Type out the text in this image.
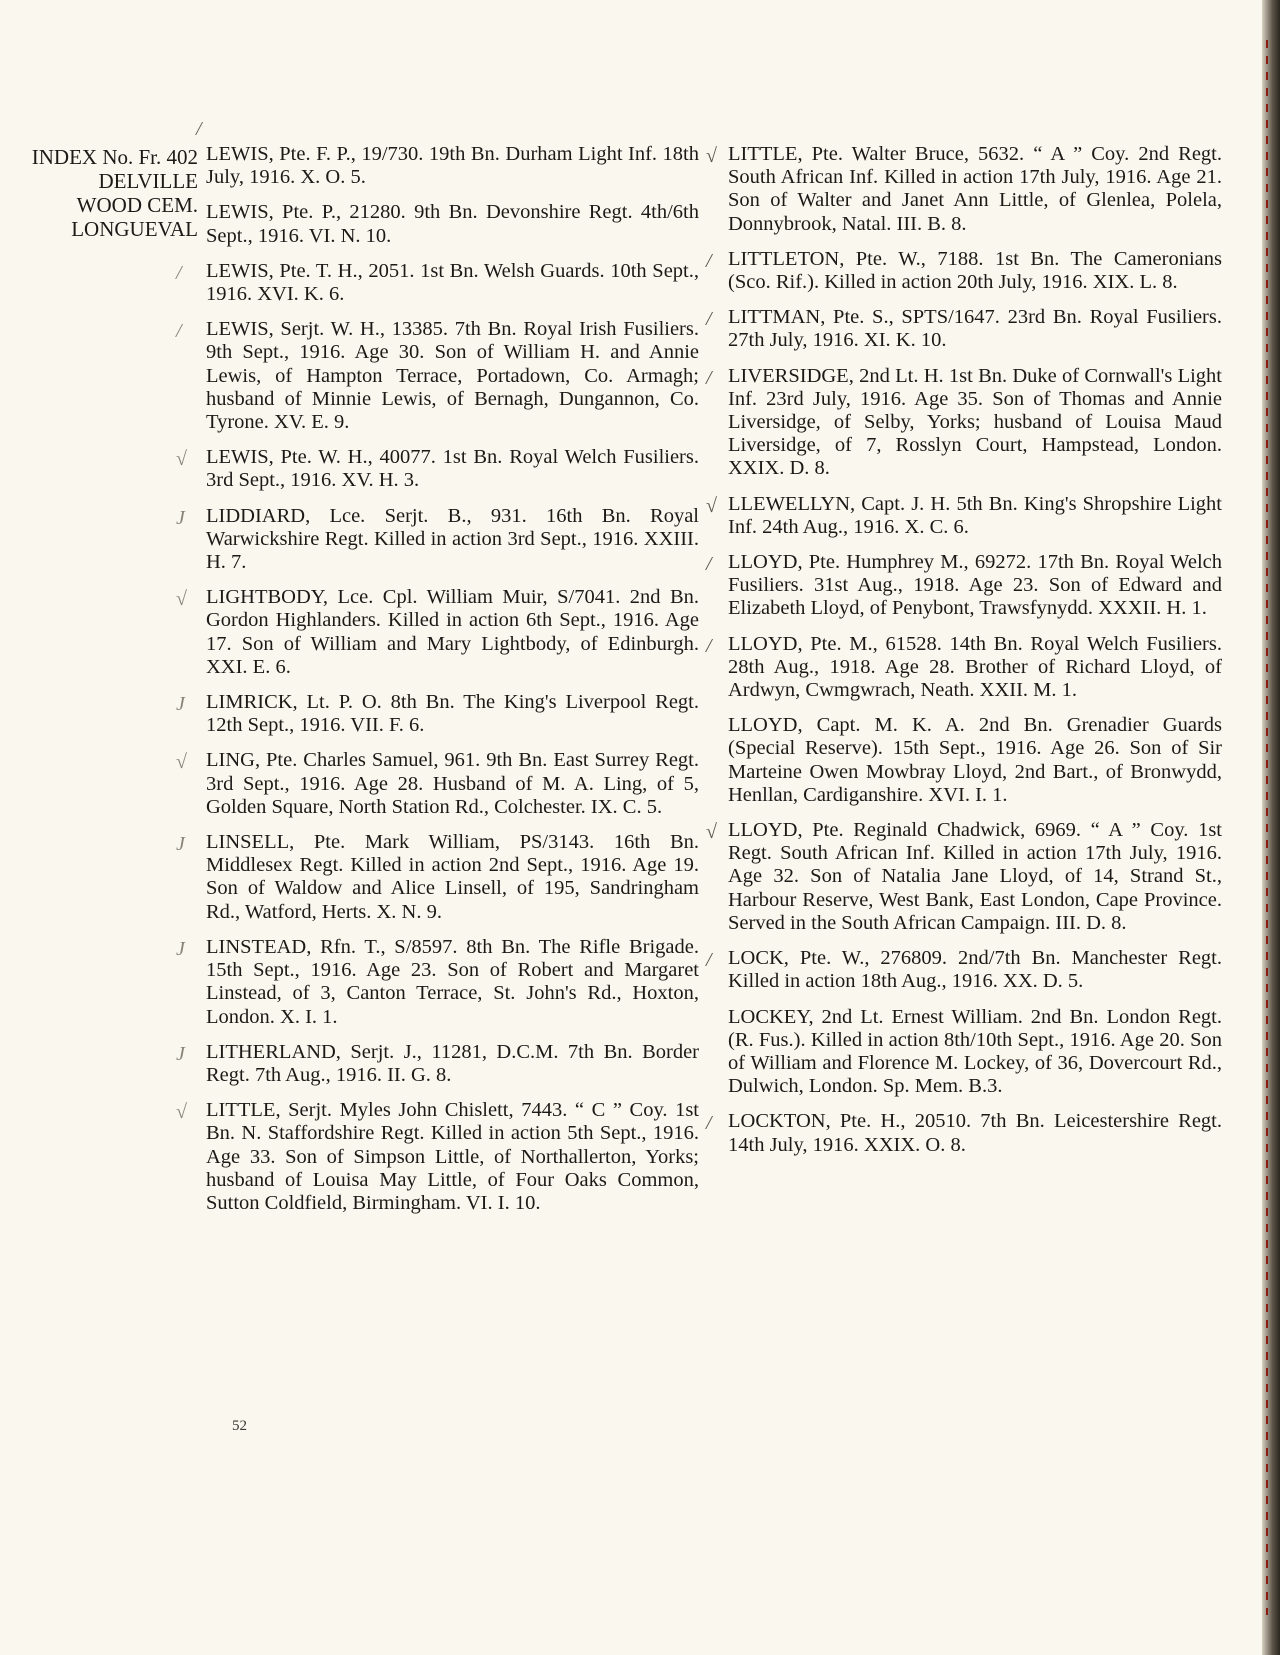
/
INDEX No. Fr. 402
DELVILLE
WOOD CEM.
LONGUEVAL
LEWIS, Pte. F. P., 19/730. 19th Bn. Durham Light Inf. 18th July, 1916. X. O. 5.
LEWIS, Pte. P., 21280. 9th Bn. Devonshire Regt. 4th/6th Sept., 1916. VI. N. 10.
/ LEWIS, Pte. T. H., 2051. 1st Bn. Welsh Guards. 10th Sept., 1916. XVI. K. 6.
/ LEWIS, Serjt. W. H., 13385. 7th Bn. Royal Irish Fusiliers. 9th Sept., 1916. Age 30. Son of William H. and Annie Lewis, of Hampton Terrace, Portadown, Co. Armagh; husband of Minnie Lewis, of Bernagh, Dungannon, Co. Tyrone. XV. E. 9.
√ LEWIS, Pte. W. H., 40077. 1st Bn. Royal Welch Fusiliers. 3rd Sept., 1916. XV. H. 3.
J LIDDIARD, Lce. Serjt. B., 931. 16th Bn. Royal Warwickshire Regt. Killed in action 3rd Sept., 1916. XXIII. H. 7.
√ LIGHTBODY, Lce. Cpl. William Muir, S/7041. 2nd Bn. Gordon Highlanders. Killed in action 6th Sept., 1916. Age 17. Son of William and Mary Lightbody, of Edinburgh. XXI. E. 6.
J LIMRICK, Lt. P. O. 8th Bn. The King's Liverpool Regt. 12th Sept., 1916. VII. F. 6.
√ LING, Pte. Charles Samuel, 961. 9th Bn. East Surrey Regt. 3rd Sept., 1916. Age 28. Husband of M. A. Ling, of 5, Golden Square, North Station Rd., Colchester. IX. C. 5.
J LINSELL, Pte. Mark William, PS/3143. 16th Bn. Middlesex Regt. Killed in action 2nd Sept., 1916. Age 19. Son of Waldow and Alice Linsell, of 195, Sandringham Rd., Watford, Herts. X. N. 9.
J LINSTEAD, Rfn. T., S/8597. 8th Bn. The Rifle Brigade. 15th Sept., 1916. Age 23. Son of Robert and Margaret Linstead, of 3, Canton Terrace, St. John's Rd., Hoxton, London. X. I. 1.
J LITHERLAND, Serjt. J., 11281, D.C.M. 7th Bn. Border Regt. 7th Aug., 1916. II. G. 8.
√ LITTLE, Serjt. Myles John Chislett, 7443. “ C ” Coy. 1st Bn. N. Staffordshire Regt. Killed in action 5th Sept., 1916. Age 33. Son of Simpson Little, of Northallerton, Yorks; husband of Louisa May Little, of Four Oaks Common, Sutton Coldfield, Birmingham. VI. I. 10.
√ LITTLE, Pte. Walter Bruce, 5632. “ A ” Coy. 2nd Regt. South African Inf. Killed in action 17th July, 1916. Age 21. Son of Walter and Janet Ann Little, of Glenlea, Polela, Donnybrook, Natal. III. B. 8.
/ LITTLETON, Pte. W., 7188. 1st Bn. The Cameronians (Sco. Rif.). Killed in action 20th July, 1916. XIX. L. 8.
/ LITTMAN, Pte. S., SPTS/1647. 23rd Bn. Royal Fusiliers. 27th July, 1916. XI. K. 10.
/ LIVERSIDGE, 2nd Lt. H. 1st Bn. Duke of Cornwall's Light Inf. 23rd July, 1916. Age 35. Son of Thomas and Annie Liversidge, of Selby, Yorks; husband of Louisa Maud Liversidge, of 7, Rosslyn Court, Hampstead, London. XXIX. D. 8.
√ LLEWELLYN, Capt. J. H. 5th Bn. King's Shropshire Light Inf. 24th Aug., 1916. X. C. 6.
/ LLOYD, Pte. Humphrey M., 69272. 17th Bn. Royal Welch Fusiliers. 31st Aug., 1918. Age 23. Son of Edward and Elizabeth Lloyd, of Penybont, Trawsfynydd. XXXII. H. 1.
/ LLOYD, Pte. M., 61528. 14th Bn. Royal Welch Fusiliers. 28th Aug., 1918. Age 28. Brother of Richard Lloyd, of Ardwyn, Cwmgwrach, Neath. XXII. M. 1.
LLOYD, Capt. M. K. A. 2nd Bn. Grenadier Guards (Special Reserve). 15th Sept., 1916. Age 26. Son of Sir Marteine Owen Mowbray Lloyd, 2nd Bart., of Bronwydd, Henllan, Cardiganshire. XVI. I. 1.
√ LLOYD, Pte. Reginald Chadwick, 6969. “ A ” Coy. 1st Regt. South African Inf. Killed in action 17th July, 1916. Age 32. Son of Natalia Jane Lloyd, of 14, Strand St., Harbour Reserve, West Bank, East London, Cape Province. Served in the South African Campaign. III. D. 8.
/ LOCK, Pte. W., 276809. 2nd/7th Bn. Manchester Regt. Killed in action 18th Aug., 1916. XX. D. 5.
LOCKEY, 2nd Lt. Ernest William. 2nd Bn. London Regt. (R. Fus.). Killed in action 8th/10th Sept., 1916. Age 20. Son of William and Florence M. Lockey, of 36, Dovercourt Rd., Dulwich, London. Sp. Mem. B.3.
/ LOCKTON, Pte. H., 20510. 7th Bn. Leicestershire Regt. 14th July, 1916. XXIX. O. 8.
52
